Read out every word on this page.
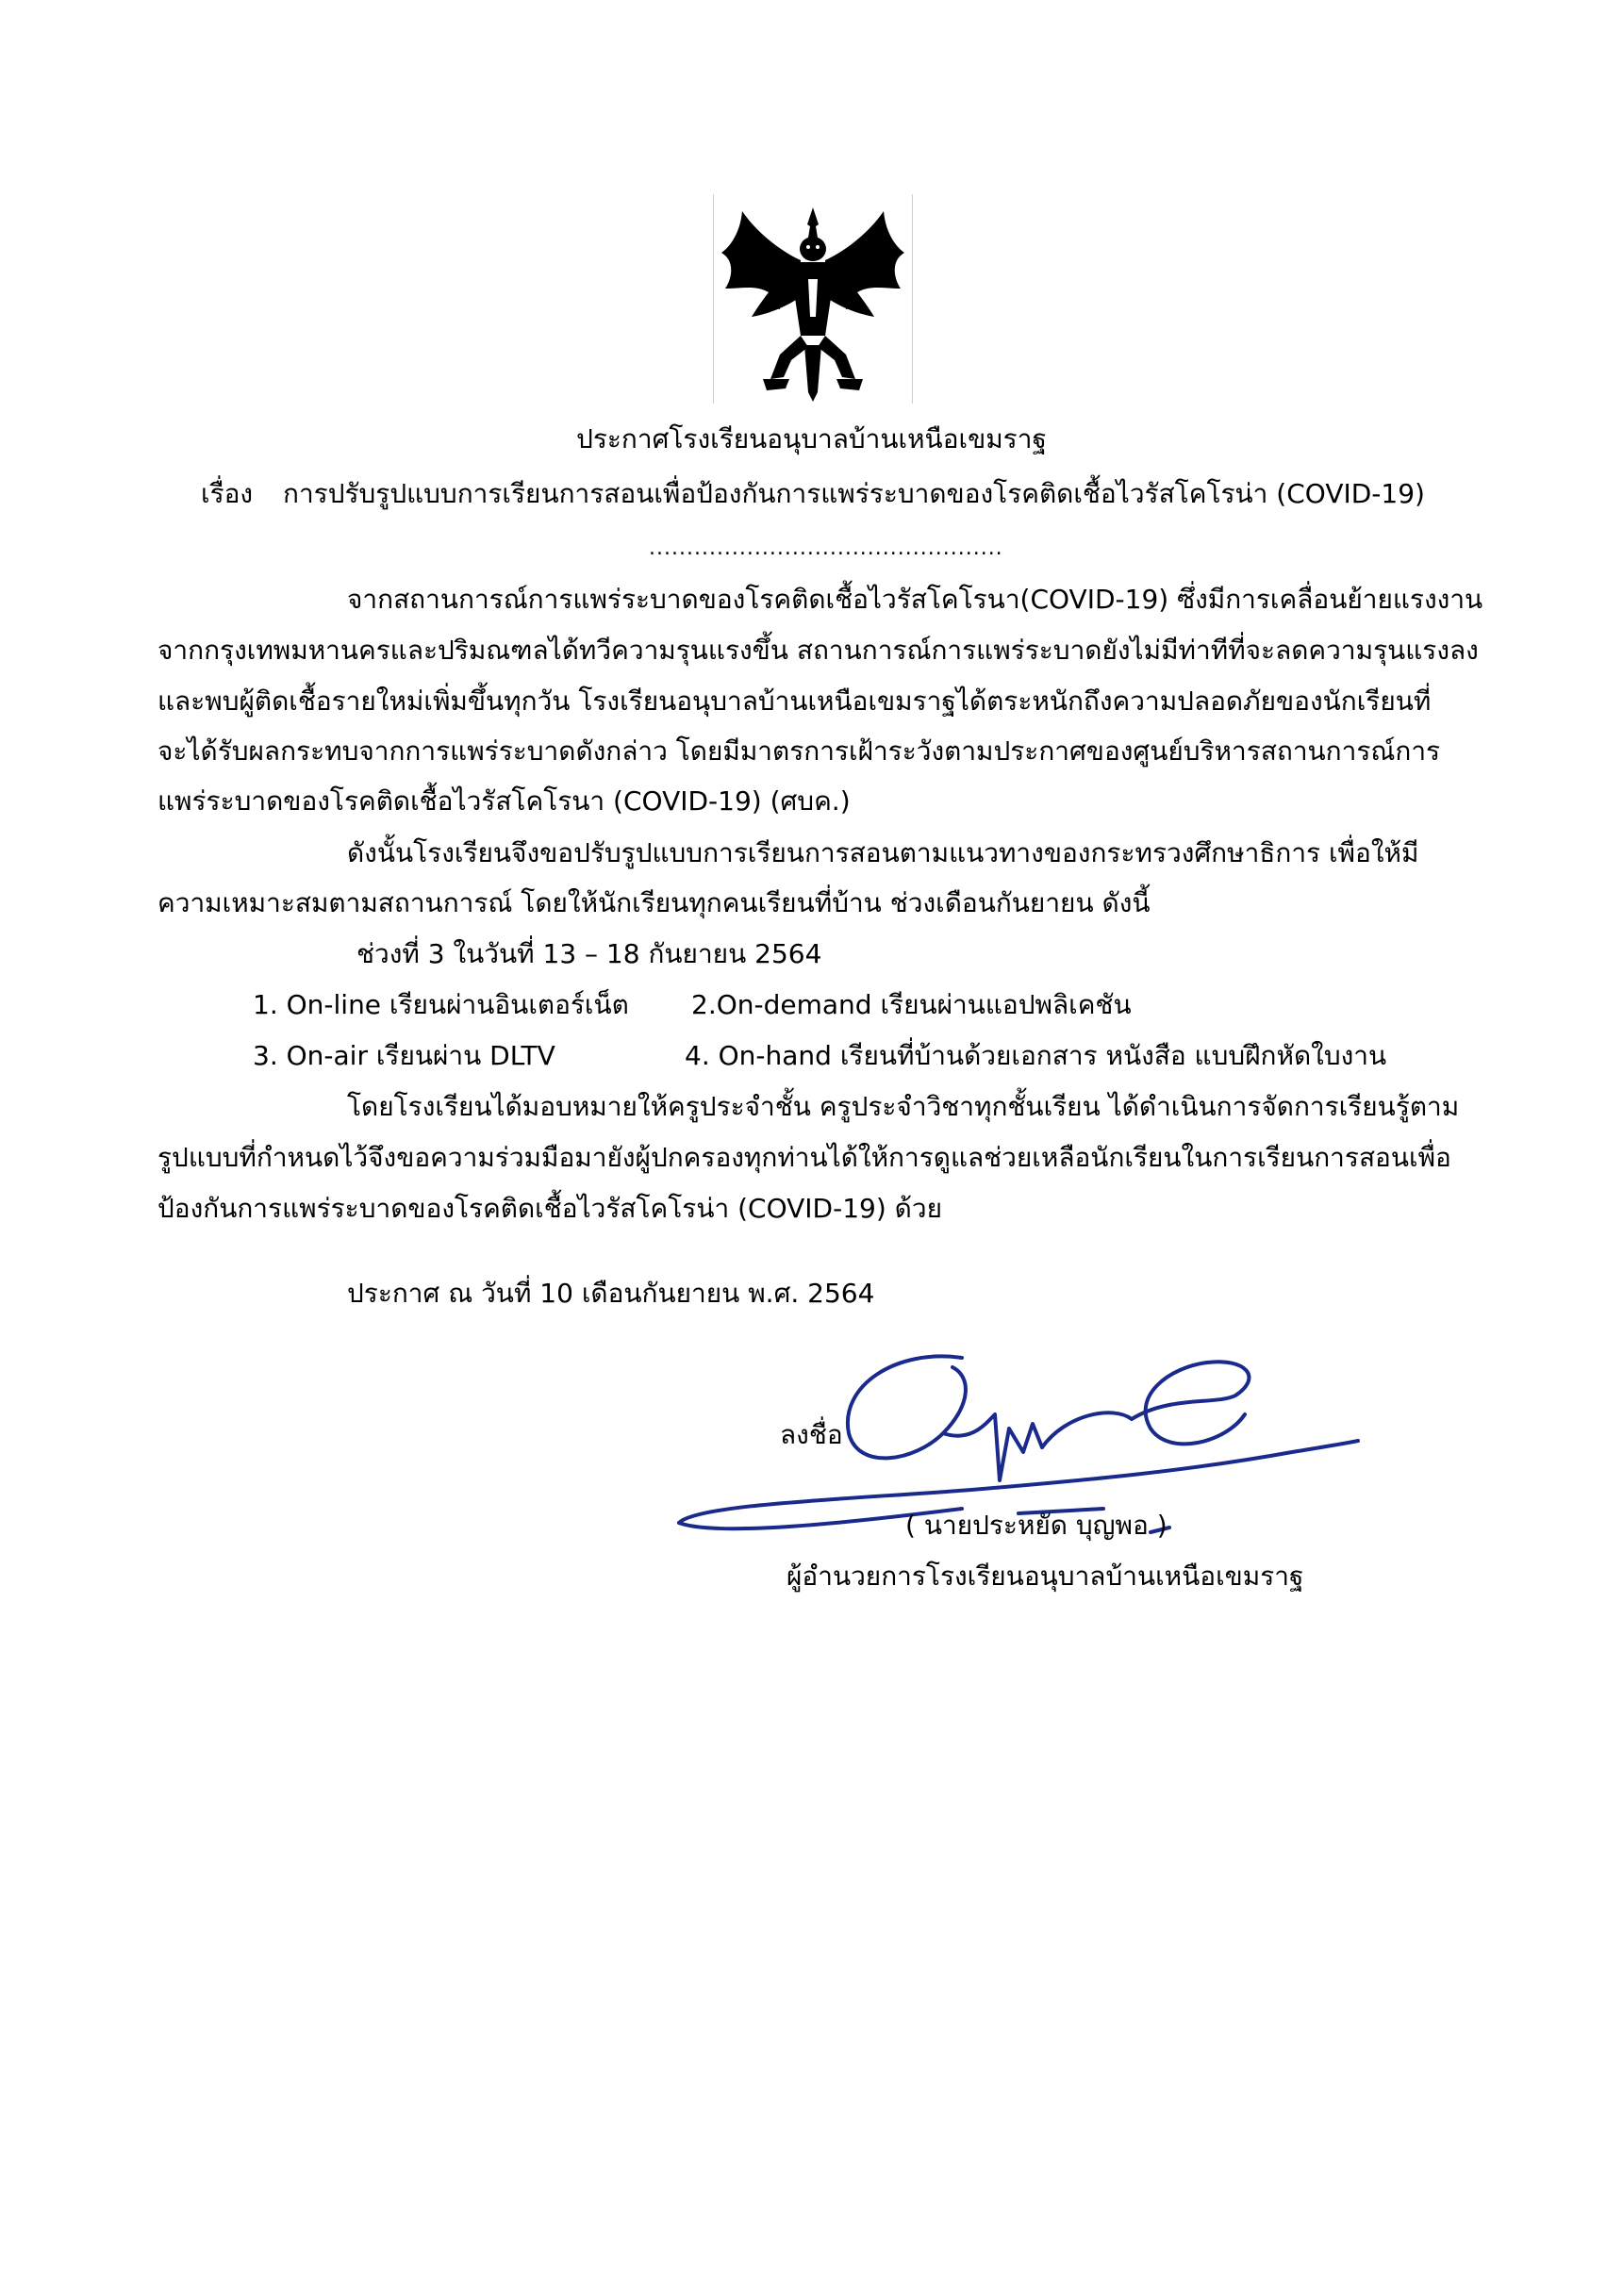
ประกาศโรงเรียนอนุบาลบ้านเหนือเขมราฐ
เรื่อง การปรับรูปแบบการเรียนการสอนเพื่อป้องกันการแพร่ระบาดของโรคติดเชื้อไวรัสโคโรน่า (COVID-19)
...............................................
จากสถานการณ์การแพร่ระบาดของโรคติดเชื้อไวรัสโคโรนา(COVID-19) ซึ่งมีการเคลื่อนย้ายแรงงาน
จากกรุงเทพมหานครและปริมณฑลได้ทวีความรุนแรงขึ้น สถานการณ์การแพร่ระบาดยังไม่มีท่าทีที่จะลดความรุนแรงลง
และพบผู้ติดเชื้อรายใหม่เพิ่มขึ้นทุกวัน โรงเรียนอนุบาลบ้านเหนือเขมราฐได้ตระหนักถึงความปลอดภัยของนักเรียนที่
จะได้รับผลกระทบจากการแพร่ระบาดดังกล่าว โดยมีมาตรการเฝ้าระวังตามประกาศของศูนย์บริหารสถานการณ์การ
แพร่ระบาดของโรคติดเชื้อไวรัสโคโรนา (COVID-19) (ศบค.)
ดังนั้นโรงเรียนจึงขอปรับรูปแบบการเรียนการสอนตามแนวทางของกระทรวงศึกษาธิการ เพื่อให้มี
ความเหมาะสมตามสถานการณ์ โดยให้นักเรียนทุกคนเรียนที่บ้าน ช่วงเดือนกันยายน ดังนี้
ช่วงที่ 3 ในวันที่ 13 – 18 กันยายน 2564
1. On-line เรียนผ่านอินเตอร์เน็ต 2.On-demand เรียนผ่านแอปพลิเคชัน
3. On-air เรียนผ่าน DLTV	4. On-hand เรียนที่บ้านด้วยเอกสาร หนังสือ แบบฝึกหัดใบงาน
โดยโรงเรียนได้มอบหมายให้ครูประจำชั้น ครูประจำวิชาทุกชั้นเรียน ได้ดำเนินการจัดการเรียนรู้ตาม
รูปแบบที่กำหนดไว้จึงขอความร่วมมือมายังผู้ปกครองทุกท่านได้ให้การดูแลช่วยเหลือนักเรียนในการเรียนการสอนเพื่อ
ป้องกันการแพร่ระบาดของโรคติดเชื้อไวรัสโคโรน่า (COVID-19) ด้วย
ประกาศ ณ วันที่ 10 เดือนกันยายน พ.ศ. 2564
ลงชื่อ
( นายประหยัด บุญพอ )
ผู้อำนวยการโรงเรียนอนุบาลบ้านเหนือเขมราฐ
